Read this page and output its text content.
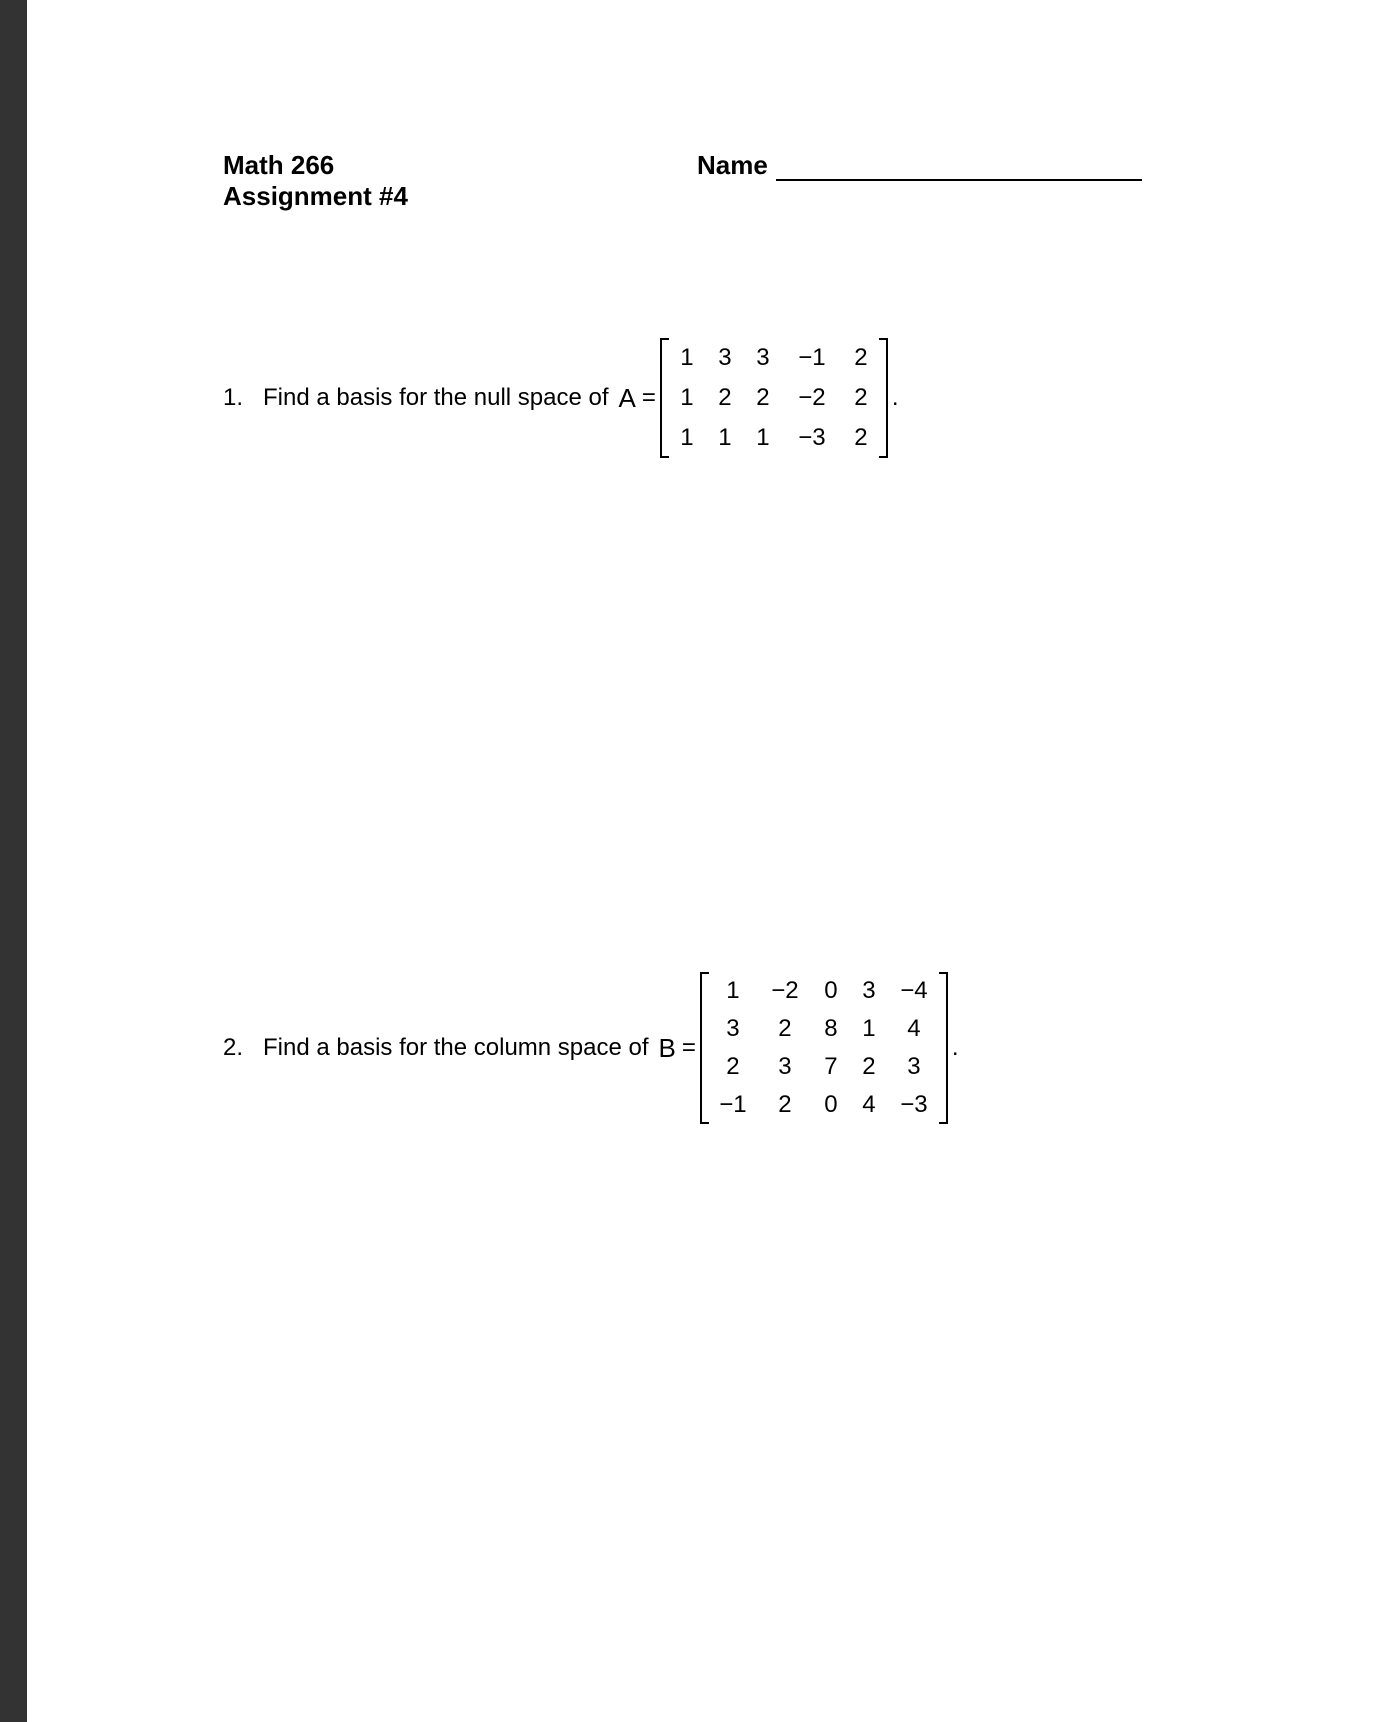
Math 266
Assignment #4
Name
1. Find a basis for the null space of A =
1	3	3	−1	2
1	2	2	−2	2
1	1	1	−3	2
.
2. Find a basis for the column space of B =
1	−2	0	3	−4
3	2	8	1	4
2	3	7	2	3
−1	2	0	4	−3
.
